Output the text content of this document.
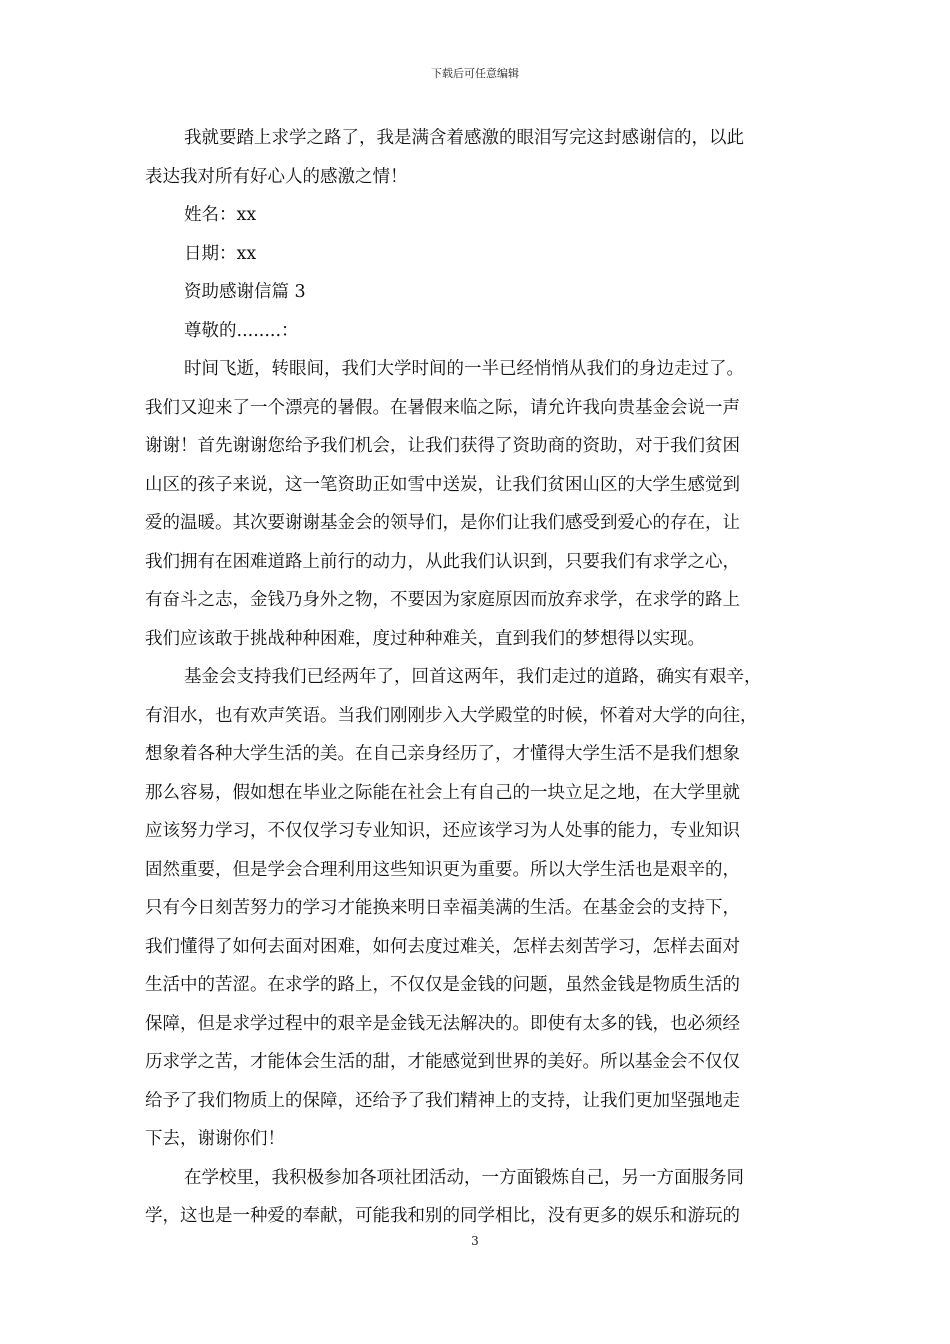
下载后可任意编辑
我就要踏上求学之路了，我是满含着感激的眼泪写完这封感谢信的，以此
表达我对所有好心人的感激之情！
姓名：xx
日期：xx
资助感谢信篇 3
尊敬的........：
时间飞逝，转眼间，我们大学时间的一半已经悄悄从我们的身边走过了。
我们又迎来了一个漂亮的暑假。在暑假来临之际，请允许我向贵基金会说一声
谢谢！首先谢谢您给予我们机会，让我们获得了资助商的资助，对于我们贫困
山区的孩子来说，这一笔资助正如雪中送炭，让我们贫困山区的大学生感觉到
爱的温暖。其次要谢谢基金会的领导们，是你们让我们感受到爱心的存在，让
我们拥有在困难道路上前行的动力，从此我们认识到，只要我们有求学之心，
有奋斗之志，金钱乃身外之物，不要因为家庭原因而放弃求学，在求学的路上
我们应该敢于挑战种种困难，度过种种难关，直到我们的梦想得以实现。
基金会支持我们已经两年了，回首这两年，我们走过的道路，确实有艰辛，
有泪水，也有欢声笑语。当我们刚刚步入大学殿堂的时候，怀着对大学的向往，
想象着各种大学生活的美。在自己亲身经历了，才懂得大学生活不是我们想象
那么容易，假如想在毕业之际能在社会上有自己的一块立足之地，在大学里就
应该努力学习，不仅仅学习专业知识，还应该学习为人处事的能力，专业知识
固然重要，但是学会合理利用这些知识更为重要。所以大学生活也是艰辛的，
只有今日刻苦努力的学习才能换来明日幸福美满的生活。在基金会的支持下，
我们懂得了如何去面对困难，如何去度过难关，怎样去刻苦学习，怎样去面对
生活中的苦涩。在求学的路上，不仅仅是金钱的问题，虽然金钱是物质生活的
保障，但是求学过程中的艰辛是金钱无法解决的。即使有太多的钱，也必须经
历求学之苦，才能体会生活的甜，才能感觉到世界的美好。所以基金会不仅仅
给予了我们物质上的保障，还给予了我们精神上的支持，让我们更加坚强地走
下去，谢谢你们！
在学校里，我积极参加各项社团活动，一方面锻炼自己，另一方面服务同
学，这也是一种爱的奉献，可能我和别的同学相比，没有更多的娱乐和游玩的
3
